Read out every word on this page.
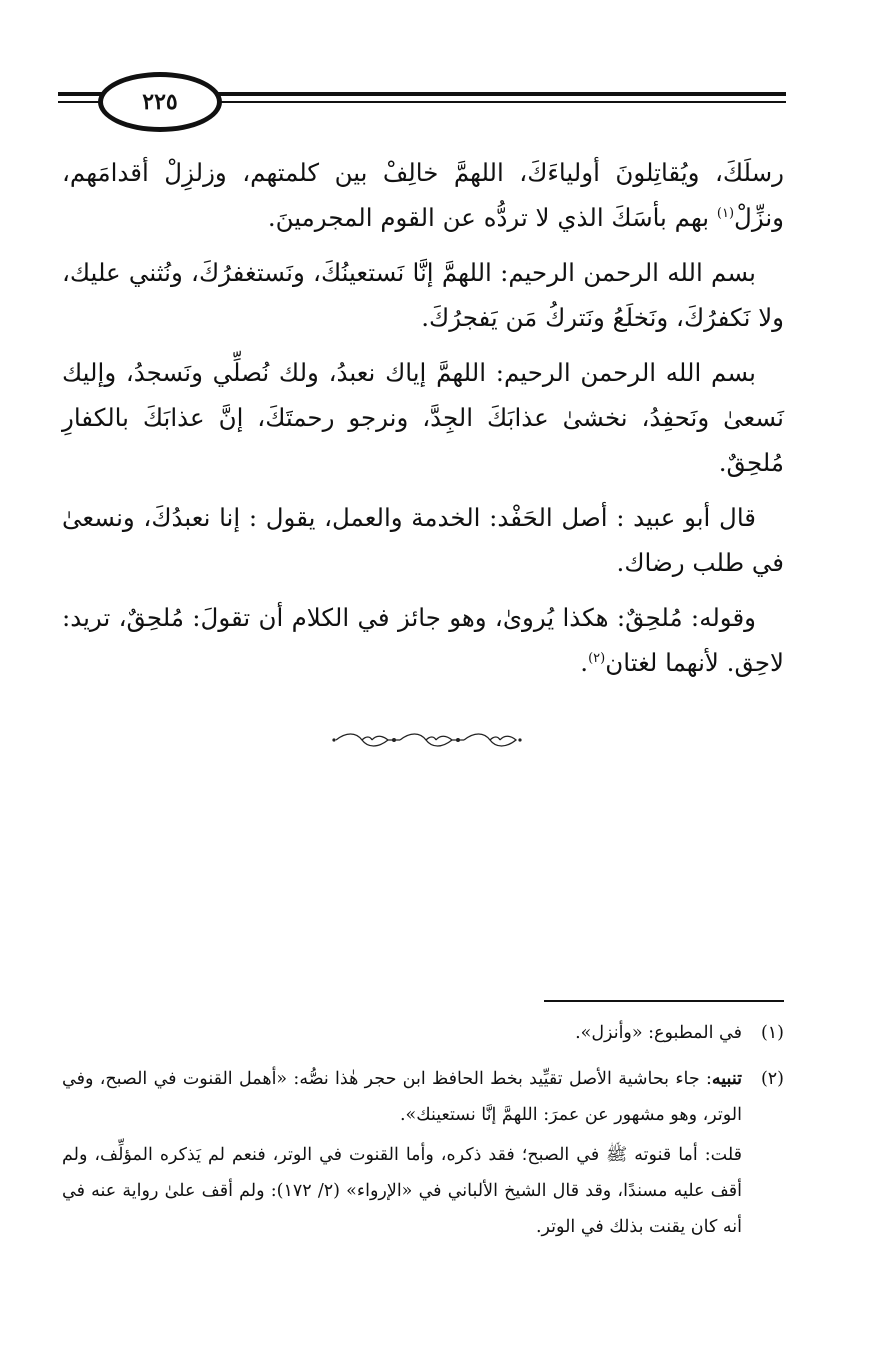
٢٢٥

رسلَكَ، ويُقاتِلونَ أولياءَكَ، اللهمَّ خالِفْ بين كلمتهم، وزلزِلْ أقدامَهم، ونزِّلْ$^{(١)}$ بهم بأسَكَ الذي لا تردُّه عن القوم المجرمينَ.

بسم الله الرحمن الرحيم: اللهمَّ إنَّا نَستعينُكَ، ونَستغفرُكَ، ونُثني عليك، ولا نَكفرُكَ، ونَخلَعُ ونَتركُ مَن يَفجرُكَ.

بسم الله الرحمن الرحيم: اللهمَّ إياك نعبدُ، ولك نُصلِّي ونَسجدُ، وإليك نَسعىٰ ونَحفِدُ، نخشىٰ عذابَكَ الجِدَّ، ونرجو رحمتَكَ، إنَّ عذابَكَ بالكفارِ مُلحِقٌ.

قال أبو عبيد : أصل الحَفْد: الخدمة والعمل، يقول : إنا نعبدُكَ، ونسعىٰ في طلب رضاك.

وقوله: مُلحِقٌ: هكذا يُروىٰ، وهو جائز في الكلام أن تقولَ: مُلحِقٌ، تريد: لاحِق. لأنهما لغتان$^{(٢)}$.

(١)

في المطبوع: «وأنزل».

(٢)

تنبيه: جاء بحاشية الأصل تقيِّيد بخط الحافظ ابن حجر هٰذا نصُّه: «أهمل القنوت في الصبح، وفي الوتر، وهو مشهور عن عمرَ: اللهمَّ إنَّا نستعينك».

قلت: أما قنوته ﷺ في الصبح؛ فقد ذكره، وأما القنوت في الوتر، فنعم لم يَذكره المؤلِّف، ولم أقف عليه مسندًا، وقد قال الشيخ الألباني في «الإرواء» (٢/ ١٧٢): ولم أقف علىٰ رواية عنه في أنه كان يقنت بذلك في الوتر.
